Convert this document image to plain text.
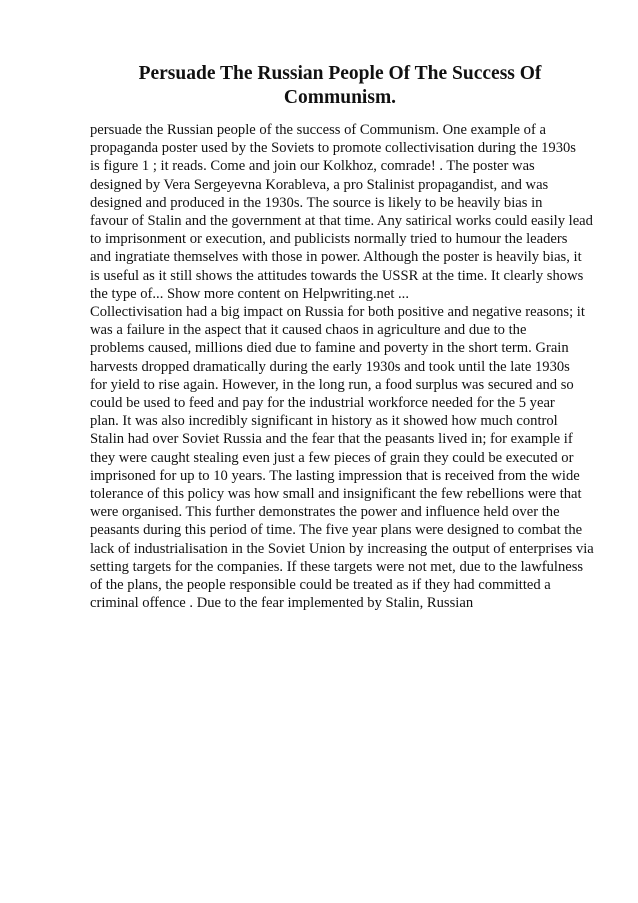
Persuade The Russian People Of The Success Of
Communism.
persuade the Russian people of the success of Communism. One example of a
propaganda poster used by the Soviets to promote collectivisation during the 1930s
is figure 1 ; it reads. Come and join our Kolkhoz, comrade! . The poster was
designed by Vera Sergeyevna Korableva, a pro Stalinist propagandist, and was
designed and produced in the 1930s. The source is likely to be heavily bias in
favour of Stalin and the government at that time. Any satirical works could easily lead
to imprisonment or execution, and publicists normally tried to humour the leaders
and ingratiate themselves with those in power. Although the poster is heavily bias, it
is useful as it still shows the attitudes towards the USSR at the time. It clearly shows
the type of... Show more content on Helpwriting.net ...
Collectivisation had a big impact on Russia for both positive and negative reasons; it
was a failure in the aspect that it caused chaos in agriculture and due to the
problems caused, millions died due to famine and poverty in the short term. Grain
harvests dropped dramatically during the early 1930s and took until the late 1930s
for yield to rise again. However, in the long run, a food surplus was secured and so
could be used to feed and pay for the industrial workforce needed for the 5 year
plan. It was also incredibly significant in history as it showed how much control
Stalin had over Soviet Russia and the fear that the peasants lived in; for example if
they were caught stealing even just a few pieces of grain they could be executed or
imprisoned for up to 10 years. The lasting impression that is received from the wide
tolerance of this policy was how small and insignificant the few rebellions were that
were organised. This further demonstrates the power and influence held over the
peasants during this period of time. The five year plans were designed to combat the
lack of industrialisation in the Soviet Union by increasing the output of enterprises via
setting targets for the companies. If these targets were not met, due to the lawfulness
of the plans, the people responsible could be treated as if they had committed a
criminal offence . Due to the fear implemented by Stalin, Russian
